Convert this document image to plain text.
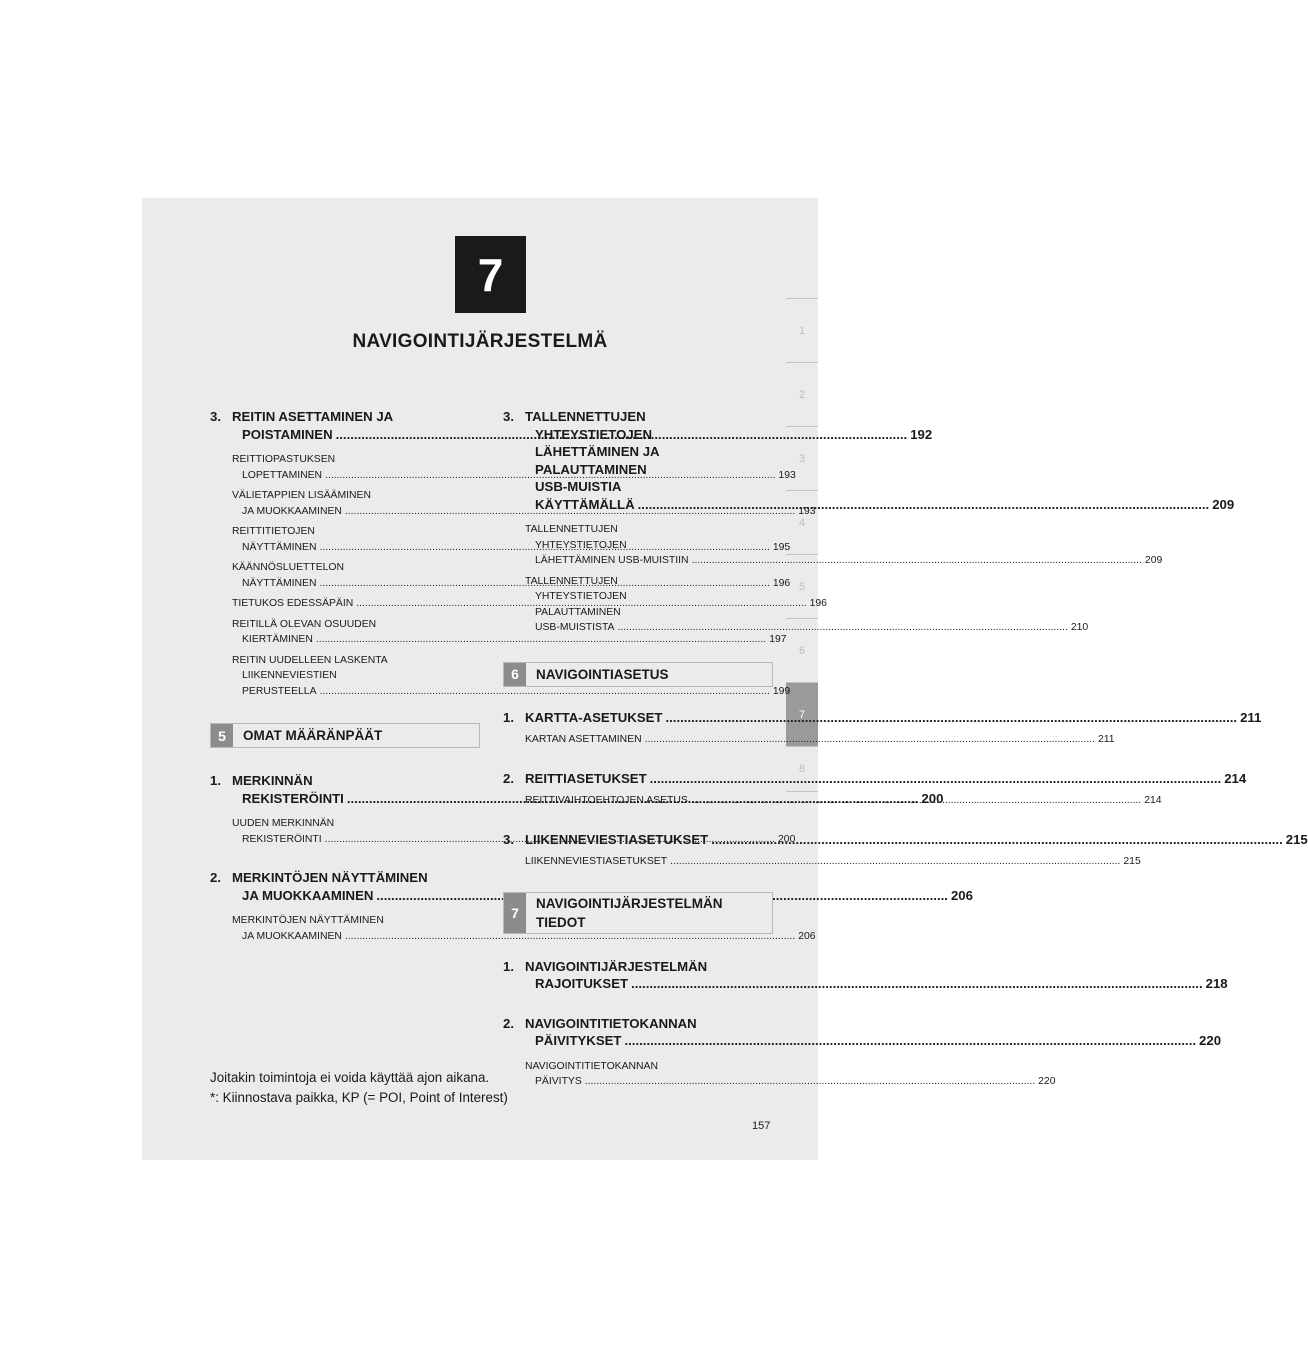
7
NAVIGOINTIJÄRJESTELMÄ
1
2
3
4
5
6
7
8
3. REITIN ASETTAMINEN JA
POISTAMINEN .....	192
REITTIOPASTUKSEN
LOPETTAMINEN .....	193
VÄLIETAPPIEN LISÄÄMINEN
JA MUOKKAAMINEN .....	193
REITTITIETOJEN
NÄYTTÄMINEN .....	195
KÄÄNNÖSLUETTELON
NÄYTTÄMINEN .....	196
TIETUKOS EDESSÄPÄIN .....	196
REITILLÄ OLEVAN OSUUDEN
KIERTÄMINEN .....	197
REITIN UUDELLEEN LASKENTA
LIIKENNEVIESTIEN
PERUSTEELLA .....	199
5	OMAT MÄÄRÄNPÄÄT
1. MERKINNÄN
REKISTERÖINTI .....	200
UUDEN MERKINNÄN
REKISTERÖINTI .....	200
2. MERKINTÖJEN NÄYTTÄMINEN
JA MUOKKAAMINEN .....	206
MERKINTÖJEN NÄYTTÄMINEN
JA MUOKKAAMINEN .....	206
3. TALLENNETTUJEN
YHTEYSTIETOJEN
LÄHETTÄMINEN JA
PALAUTTAMINEN
USB-MUISTIA
KÄYTTÄMÄLLÄ .....	209
TALLENNETTUJEN
YHTEYSTIETOJEN
LÄHETTÄMINEN USB-MUISTIIN .....	209
TALLENNETTUJEN
YHTEYSTIETOJEN
PALAUTTAMINEN
USB-MUISTISTA .....	210
6	NAVIGOINTIASETUS
1. KARTTA-ASETUKSET .....	211
KARTAN ASETTAMINEN .....	211
2. REITTIASETUKSET .....	214
REITTIVAIHTOEHTOJEN ASETUS .....	214
3. LIIKENNEVIESTIASETUKSET .....	215
LIIKENNEVIESTIASETUKSET .....	215
7
NAVIGOINTIJÄRJESTELMÄN
TIEDOT
1. NAVIGOINTIJÄRJESTELMÄN
RAJOITUKSET .....	218
2. NAVIGOINTITIETOKANNAN
PÄIVITYKSET .....	220
NAVIGOINTITIETOKANNAN
PÄIVITYS .....	220
Joitakin toimintoja ei voida käyttää ajon aikana.
*: Kiinnostava paikka, KP (= POI, Point of Interest)
157
